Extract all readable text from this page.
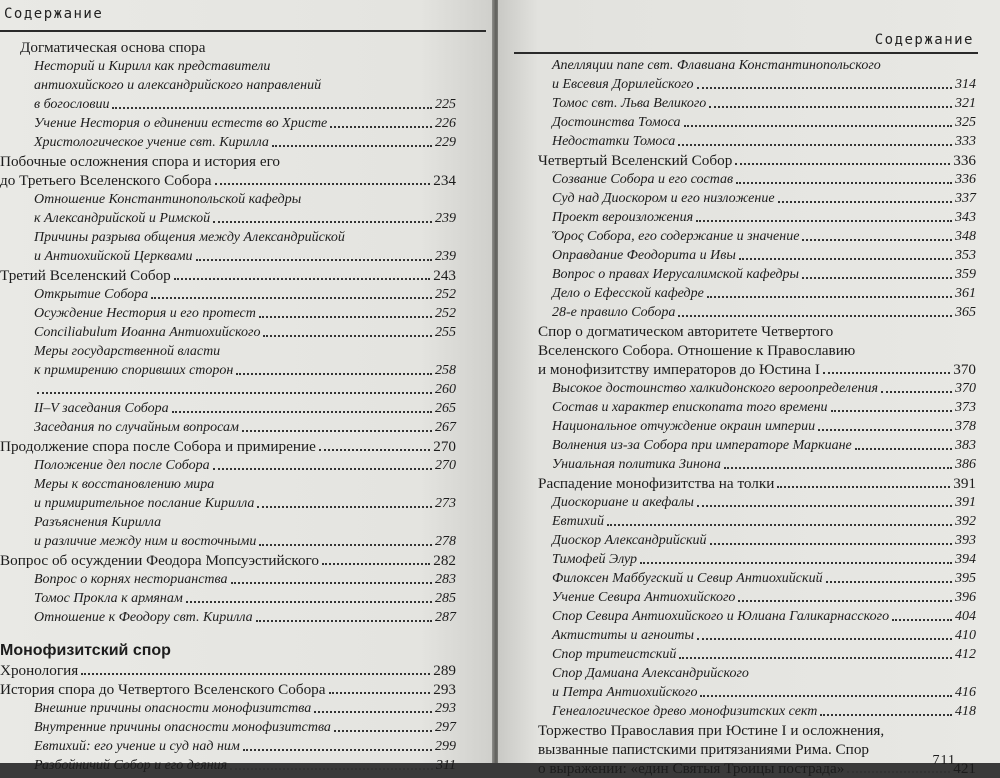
Содержание
Догматическая основа спора
Несторий и Кирилл как представители
антиохийского и александрийского направлений
в богословии	225
Учение Нестория о единении естеств во Христе	226
Христологическое учение свт. Кирилла	229
Побочные осложнения спора и история его
до Третьего Вселенского Собора	234
Отношение Константинопольской кафедры
к Александрийской и Римской	239
Причины разрыва общения между Александрийской
и Антиохийской Церквами	239
Третий Вселенский Собор	243
Открытие Собора	252
Осуждение Нестория и его протест	252
Conciliabulum Иоанна Антиохийского	255
Меры государственной власти
к примирению споривших сторон	258
260
II–V заседания Собора	265
Заседания по случайным вопросам	267
Продолжение спора после Собора и примирение	270
Положение дел после Собора	270
Меры к восстановлению мира
и примирительное послание Кирилла	273
Разъяснения Кирилла
и различие между ним и восточными	278
Вопрос об осуждении Феодора Мопсуэстийского	282
Вопрос о корнях несторианства	283
Томос Прокла к армянам	285
Отношение к Феодору свт. Кирилла	287
Монофизитский спор
Хронология	289
История спора до Четвертого Вселенского Собора	293
Внешние причины опасности монофизитства	293
Внутренние причины опасности монофизитства	297
Евтихий: его учение и суд над ним	299
Разбойничий Собор и его деяния	311
Содержание
Апелляции папе свт. Флавиана Константинопольского
и Евсевия Дорилейского	314
Томос свт. Льва Великого	321
Достоинства Томоса	325
Недостатки Томоса	333
Четвертый Вселенский Собор	336
Созвание Собора и его состав	336
Суд над Диоскором и его низложение	337
Проект вероизложения	343
Ὅρος Собора, его содержание и значение	348
Оправдание Феодорита и Ивы	353
Вопрос о правах Иерусалимской кафедры	359
Дело о Ефесской кафедре	361
28-е правило Собора	365
Спор о догматическом авторитете Четвертого
Вселенского Собора. Отношение к Православию
и монофизитству императоров до Юстина I	370
Высокое достоинство халкидонского вероопределения	370
Состав и характер епископата того времени	373
Национальное отчуждение окраин империи	378
Волнения из-за Собора при императоре Маркиане	383
Униальная политика Зинона	386
Распадение монофизитства на толки	391
Диоскориане и акефалы	391
Евтихий	392
Диоскор Александрийский	393
Тимофей Элур	394
Филоксен Маббугский и Севир Антиохийский	395
Учение Севира Антиохийского	396
Спор Севира Антиохийского и Юлиана Галикарнасского	404
Актиститы и агноиты	410
Спор тритеистский	412
Спор Дамиана Александрийского
и Петра Антиохийского	416
Генеалогическое древо монофизитских сект	418
Торжество Православия при Юстине I и осложнения,
вызванные папистскими притязаниями Рима. Спор
о выражении: «един Святыя Троицы пострада»	421
711
